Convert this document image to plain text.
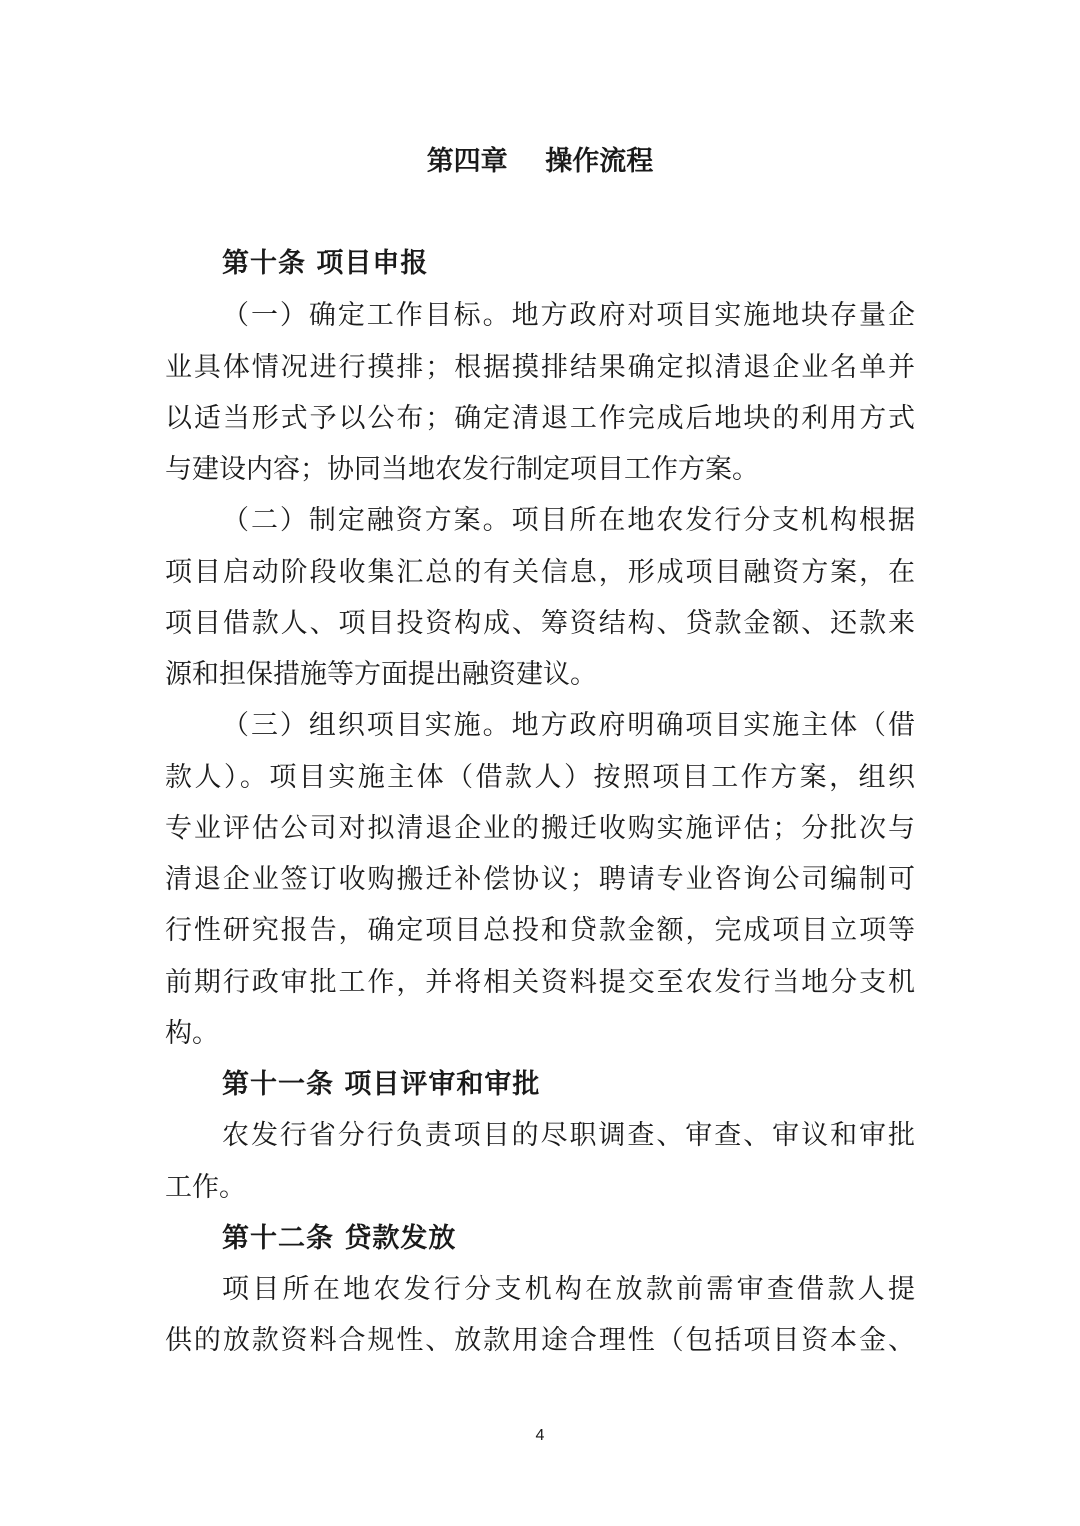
第四章    操作流程
第十条 项目申报
（一）确定工作目标。地方政府对项目实施地块存量企
业具体情况进行摸排；根据摸排结果确定拟清退企业名单并
以适当形式予以公布；确定清退工作完成后地块的利用方式
与建设内容；协同当地农发行制定项目工作方案。
（二）制定融资方案。项目所在地农发行分支机构根据
项目启动阶段收集汇总的有关信息，形成项目融资方案，在
项目借款人、项目投资构成、筹资结构、贷款金额、还款来
源和担保措施等方面提出融资建议。
（三）组织项目实施。地方政府明确项目实施主体（借
款人）。项目实施主体（借款人）按照项目工作方案，组织
专业评估公司对拟清退企业的搬迁收购实施评估；分批次与
清退企业签订收购搬迁补偿协议；聘请专业咨询公司编制可
行性研究报告，确定项目总投和贷款金额，完成项目立项等
前期行政审批工作，并将相关资料提交至农发行当地分支机
构。
第十一条 项目评审和审批
农发行省分行负责项目的尽职调查、审查、审议和审批
工作。
第十二条 贷款发放
项目所在地农发行分支机构在放款前需审查借款人提
供的放款资料合规性、放款用途合理性（包括项目资本金、
4
